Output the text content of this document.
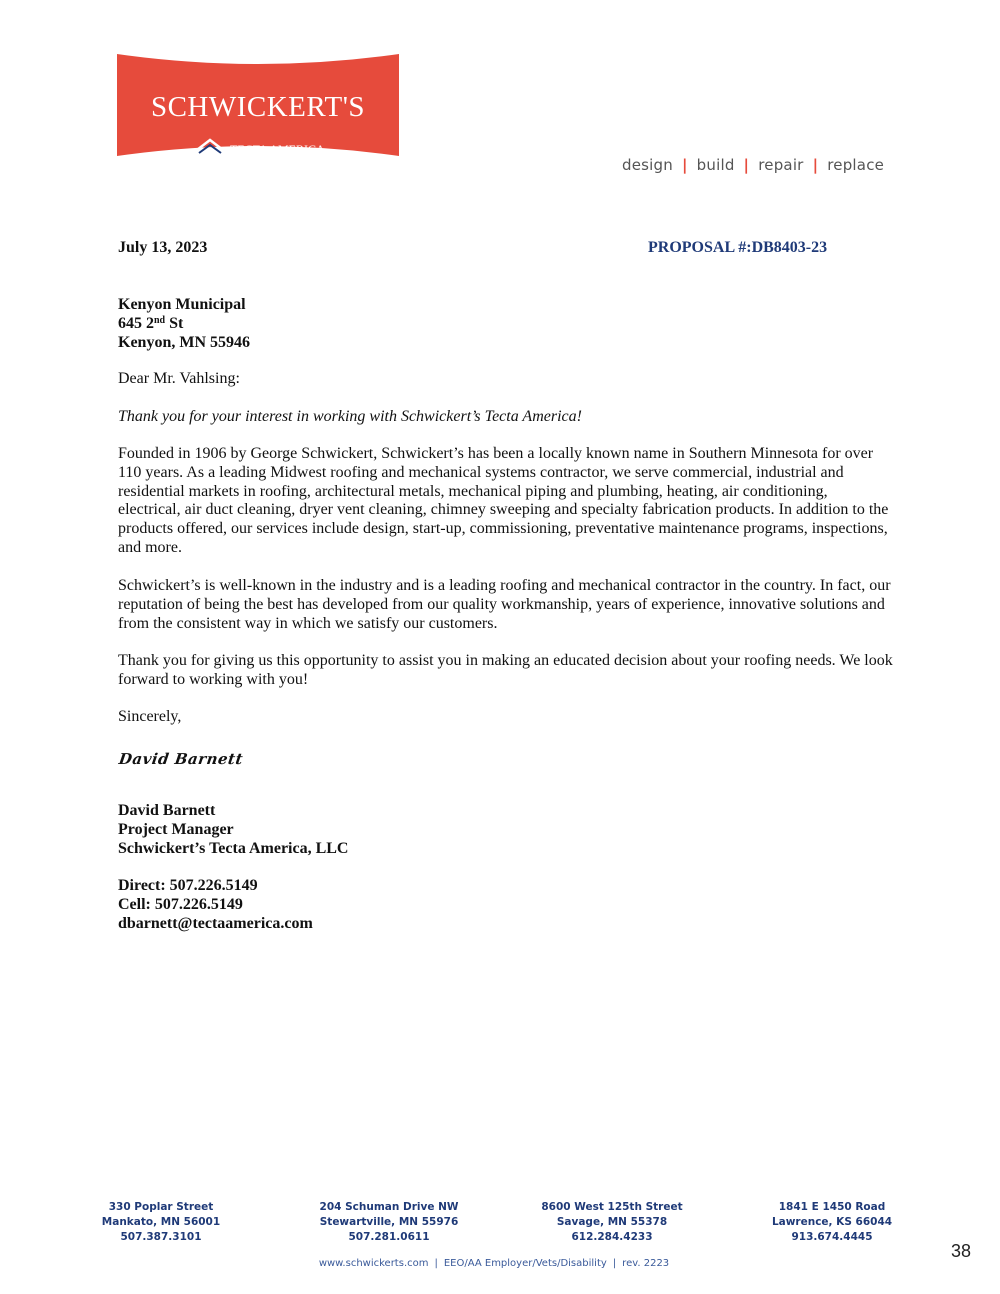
SCHWICKERT'S
TECTA AMERICA
design | build | repair | replace
July 13, 2023	PROPOSAL #:DB8403-23
Kenyon Municipal
645 2nd St
Kenyon, MN 55946
Dear Mr. Vahlsing:
Thank you for your interest in working with Schwickert’s Tecta America!
Founded in 1906 by George Schwickert, Schwickert’s has been a locally known name in Southern Minnesota for over 110 years. As a leading Midwest roofing and mechanical systems contractor, we serve commercial, industrial and residential markets in roofing, architectural metals, mechanical piping and plumbing, heating, air conditioning, electrical, air duct cleaning, dryer vent cleaning, chimney sweeping and specialty fabrication products. In addition to the products offered, our services include design, start-up, commissioning, preventative maintenance programs, inspections, and more.
Schwickert’s is well-known in the industry and is a leading roofing and mechanical contractor in the country. In fact, our reputation of being the best has developed from our quality workmanship, years of experience, innovative solutions and from the consistent way in which we satisfy our customers.
Thank you for giving us this opportunity to assist you in making an educated decision about your roofing needs. We look forward to working with you!
Sincerely,
David Barnett
David Barnett
Project Manager
Schwickert’s Tecta America, LLC
Direct: 507.226.5149
Cell: 507.226.5149
dbarnett@tectaamerica.com
330 Poplar Street
Mankato, MN 56001
507.387.3101
204 Schuman Drive NW
Stewartville, MN 55976
507.281.0611
8600 West 125th Street
Savage, MN 55378
612.284.4233
1841 E 1450 Road
Lawrence, KS 66044
913.674.4445
www.schwickerts.com | EEO/AA Employer/Vets/Disability | rev. 2223
38
